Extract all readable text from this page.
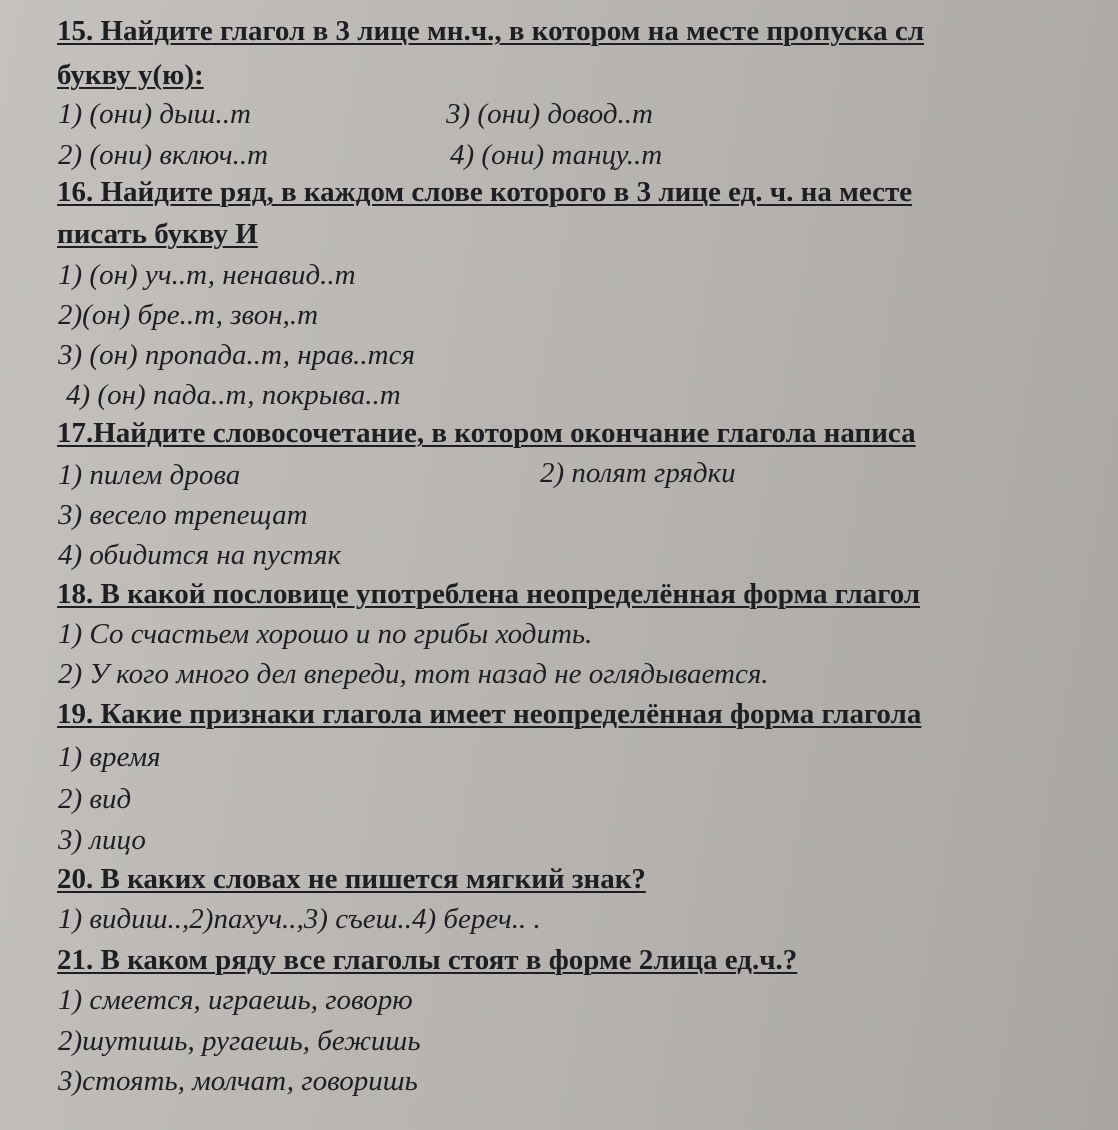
15. Найдите глагол в 3 лице мн.ч., в котором на месте пропуска сл
букву у(ю):
1) (они) дыш..т	3) (они) довод..т
2) (они) включ..т	4) (они) танцу..т
16. Найдите ряд, в каждом слове которого в 3 лице ед. ч. на месте
писать букву И
1) (он) уч..т, ненавид..т
2)(он) бре..т, звон,.т
3) (он) пропада..т, нрав..тся
4) (он) пада..т, покрыва..т
17.Найдите словосочетание, в котором окончание глагола написа
1) пилем дрова	2) полят грядки
3) весело трепещат
4) обидится на пустяк
18. В какой пословице употреблена неопределённая форма глагол
1) Со счастьем хорошо и по грибы ходить.
2) У кого много дел впереди, тот назад не оглядывается.
19. Какие признаки глагола имеет неопределённая форма глагола
1) время
2) вид
3) лицо
20. В каких словах не пишется мягкий знак?
1) видиш..,2)пахуч..,3) съеш..4) береч.. .
21. В каком ряду все глаголы стоят в форме 2лица ед.ч.?
1) смеется, играешь, говорю
2)шутишь, ругаешь, бежишь
3)стоять, молчат, говоришь
